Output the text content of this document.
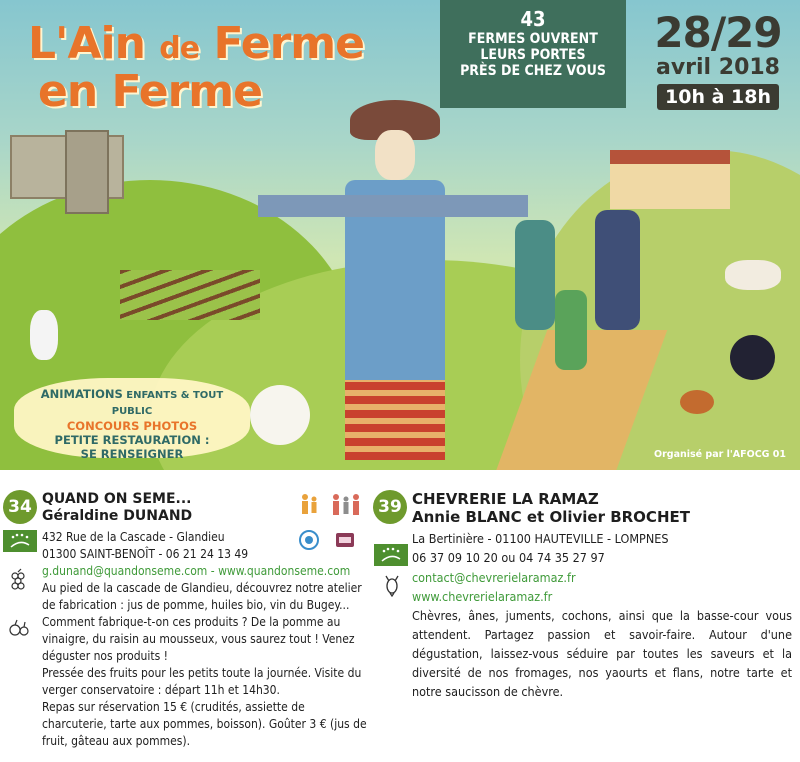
L'Ain de Ferme
en Ferme
43
FERMES OUVRENT
LEURS PORTES
PRÈS DE CHEZ VOUS
28/29
avril 2018
10h à 18h
ANIMATIONS ENFANTS & TOUT PUBLIC
CONCOURS PHOTOS
PETITE RESTAURATION :
SE RENSEIGNER	Organisé par l'AFOCG 01
34 QUAND ON SEME...
Géraldine DUNAND
432 Rue de la Cascade - Glandieu
01300 SAINT-BENOÎT - 06 21 24 13 49
g.dunand@quandonseme.com - www.quandonseme.com
Au pied de la cascade de Glandieu, découvrez notre atelier de fabrication : jus de pomme, huiles bio, vin du Bugey... Comment fabrique-t-on ces produits ? De la pomme au vinaigre, du raisin au mousseux, vous saurez tout ! Venez déguster nos produits !
Pressée des fruits pour les petits toute la journée. Visite du verger conservatoire : départ 11h et 14h30.
Repas sur réservation 15 € (crudités, assiette de charcuterie, tarte aux pommes, boisson). Goûter 3 € (jus de fruit, gâteau aux pommes).
39 CHEVRERIE LA RAMAZ
Annie BLANC et Olivier BROCHET
La Bertinière - 01100 HAUTEVILLE - LOMPNES
06 37 09 10 20 ou 04 74 35 27 97
contact@chevrerielaramaz.fr
www.chevrerielaramaz.fr
Chèvres, ânes, juments, cochons, ainsi que la basse-cour vous attendent. Partagez passion et savoir-faire. Autour d'une dégustation, laissez-vous séduire par toutes les saveurs et la diversité de nos fromages, nos yaourts et flans, notre tarte et notre saucisson de chèvre.
